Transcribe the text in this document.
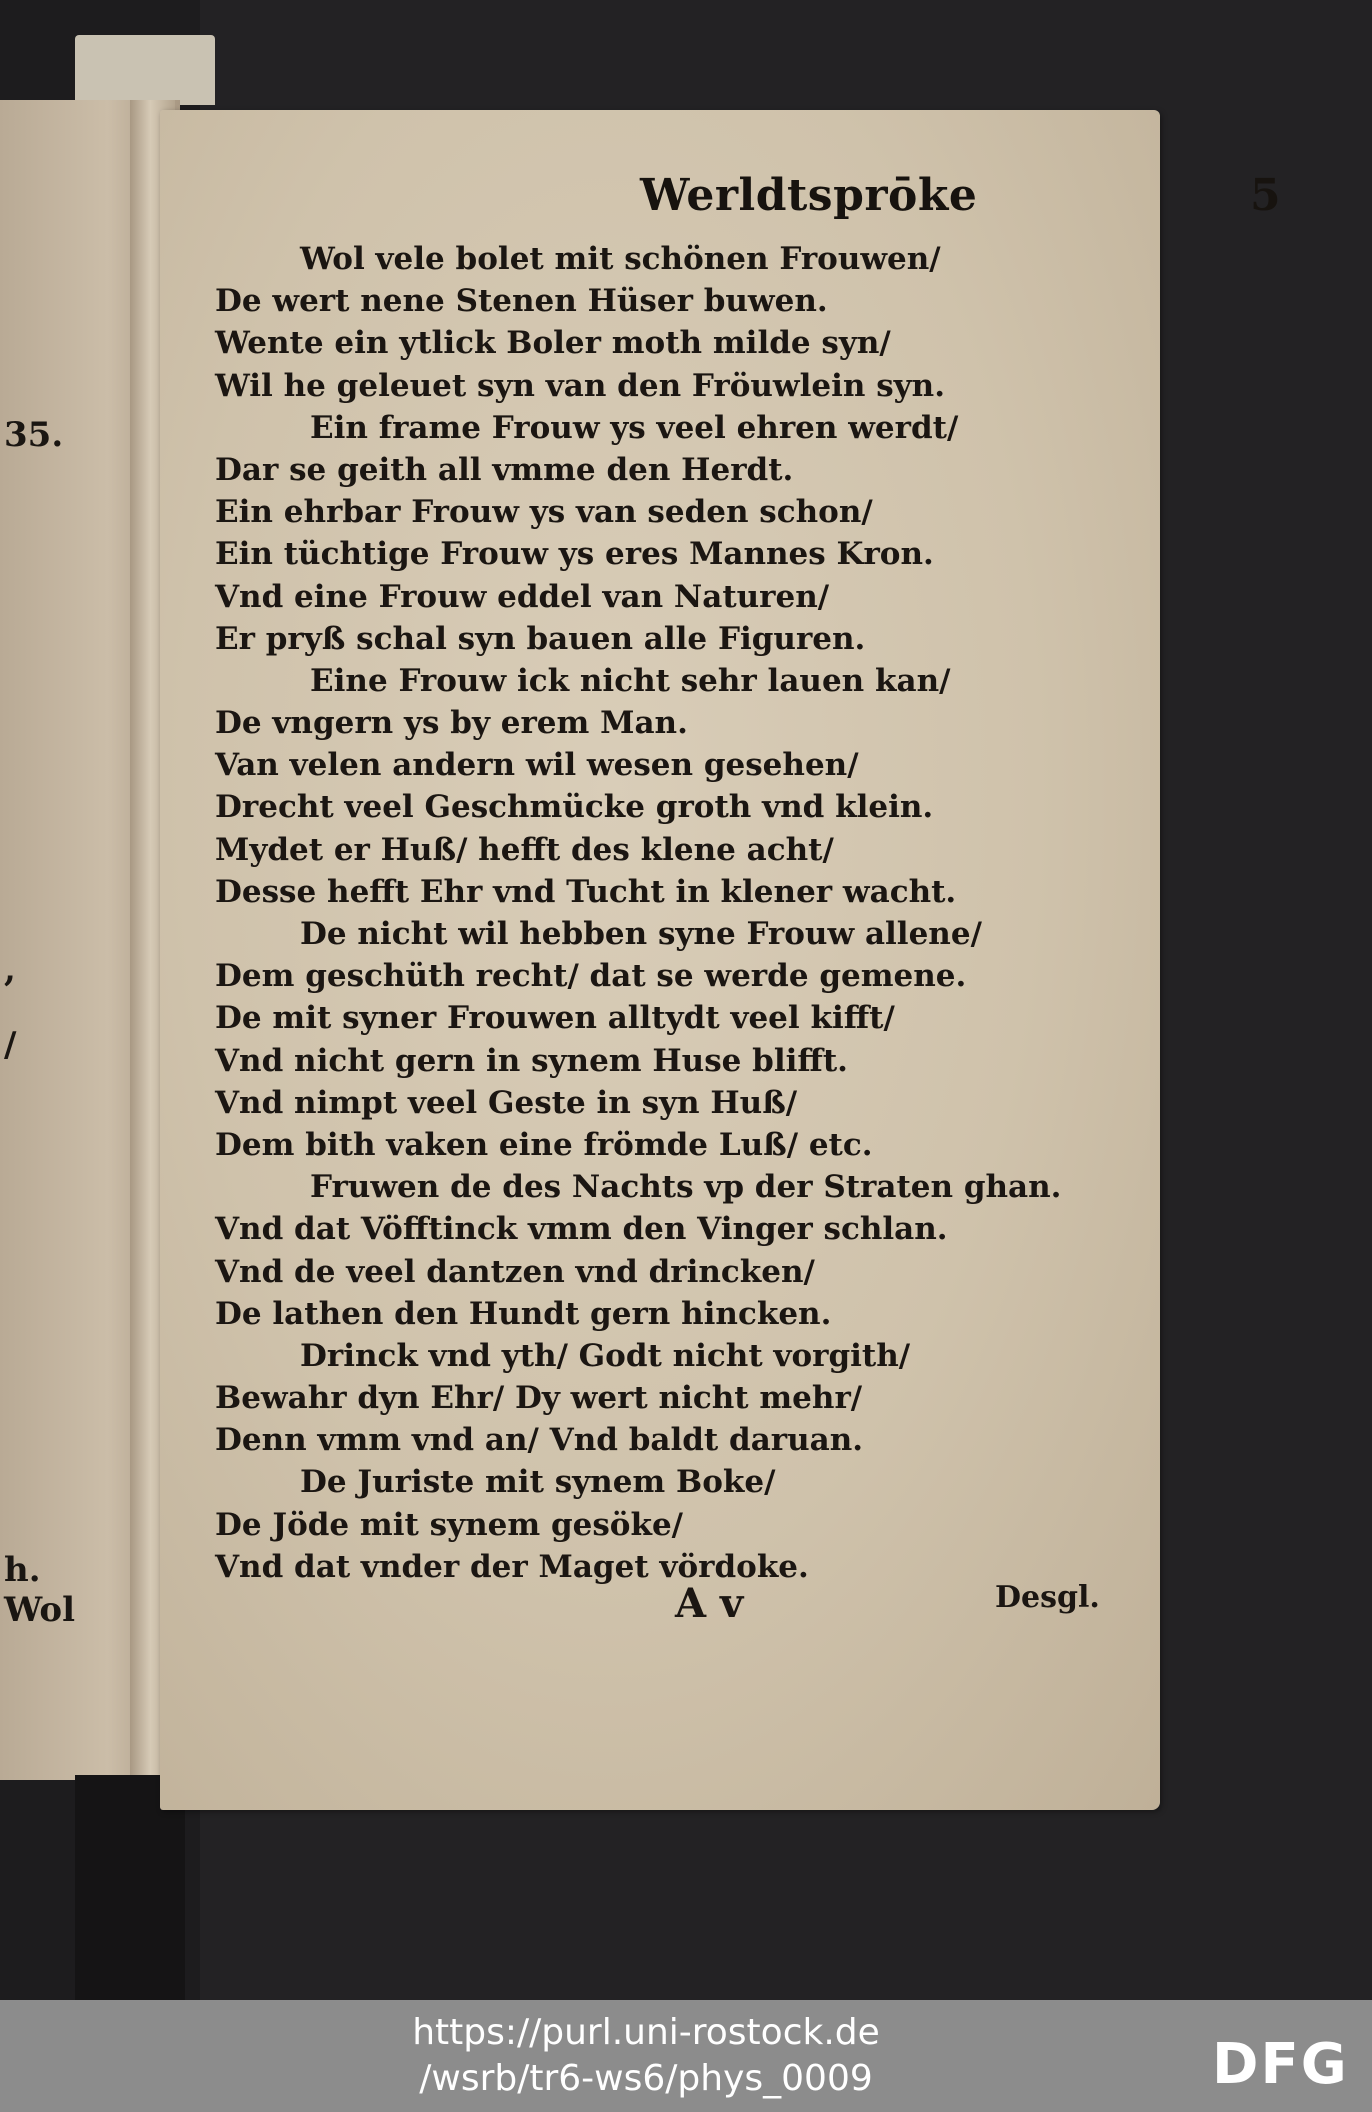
35.
,
/
h.
Wol
Werldtsprōke	5
Wol vele bolet mit schönen Frouwen/
De wert nene Stenen Hüser buwen.
Wente ein ytlick Boler moth milde syn/
Wil he geleuet syn van den Fröuwlein syn.
Ein frame Frouw ys veel ehren werdt/
Dar se geith all vmme den Herdt.
Ein ehrbar Frouw ys van seden schon/
Ein tüchtige Frouw ys eres Mannes Kron.
Vnd eine Frouw eddel van Naturen/
Er pryß schal syn bauen alle Figuren.
Eine Frouw ick nicht sehr lauen kan/
De vngern ys by erem Man.
Van velen andern wil wesen gesehen/
Drecht veel Geschmücke groth vnd klein.
Mydet er Huß/ hefft des klene acht/
Desse hefft Ehr vnd Tucht in klener wacht.
De nicht wil hebben syne Frouw allene/
Dem geschüth recht/ dat se werde gemene.
De mit syner Frouwen alltydt veel kifft/
Vnd nicht gern in synem Huse blifft.
Vnd nimpt veel Geste in syn Huß/
Dem bith vaken eine frömde Luß/ etc.
Fruwen de des Nachts vp der Straten ghan.
Vnd dat Vöfftinck vmm den Vinger schlan.
Vnd de veel dantzen vnd drincken/
De lathen den Hundt gern hincken.
Drinck vnd yth/ Godt nicht vorgith/
Bewahr dyn Ehr/ Dy wert nicht mehr/
Denn vmm vnd an/ Vnd baldt daruan.
De Juriste mit synem Boke/
De Jöde mit synem gesöke/
Vnd dat vnder der Maget vördoke.
A v	Desgl.
https://purl.uni-rostock.de
/wsrb/tr6-ws6/phys_0009	DFG
